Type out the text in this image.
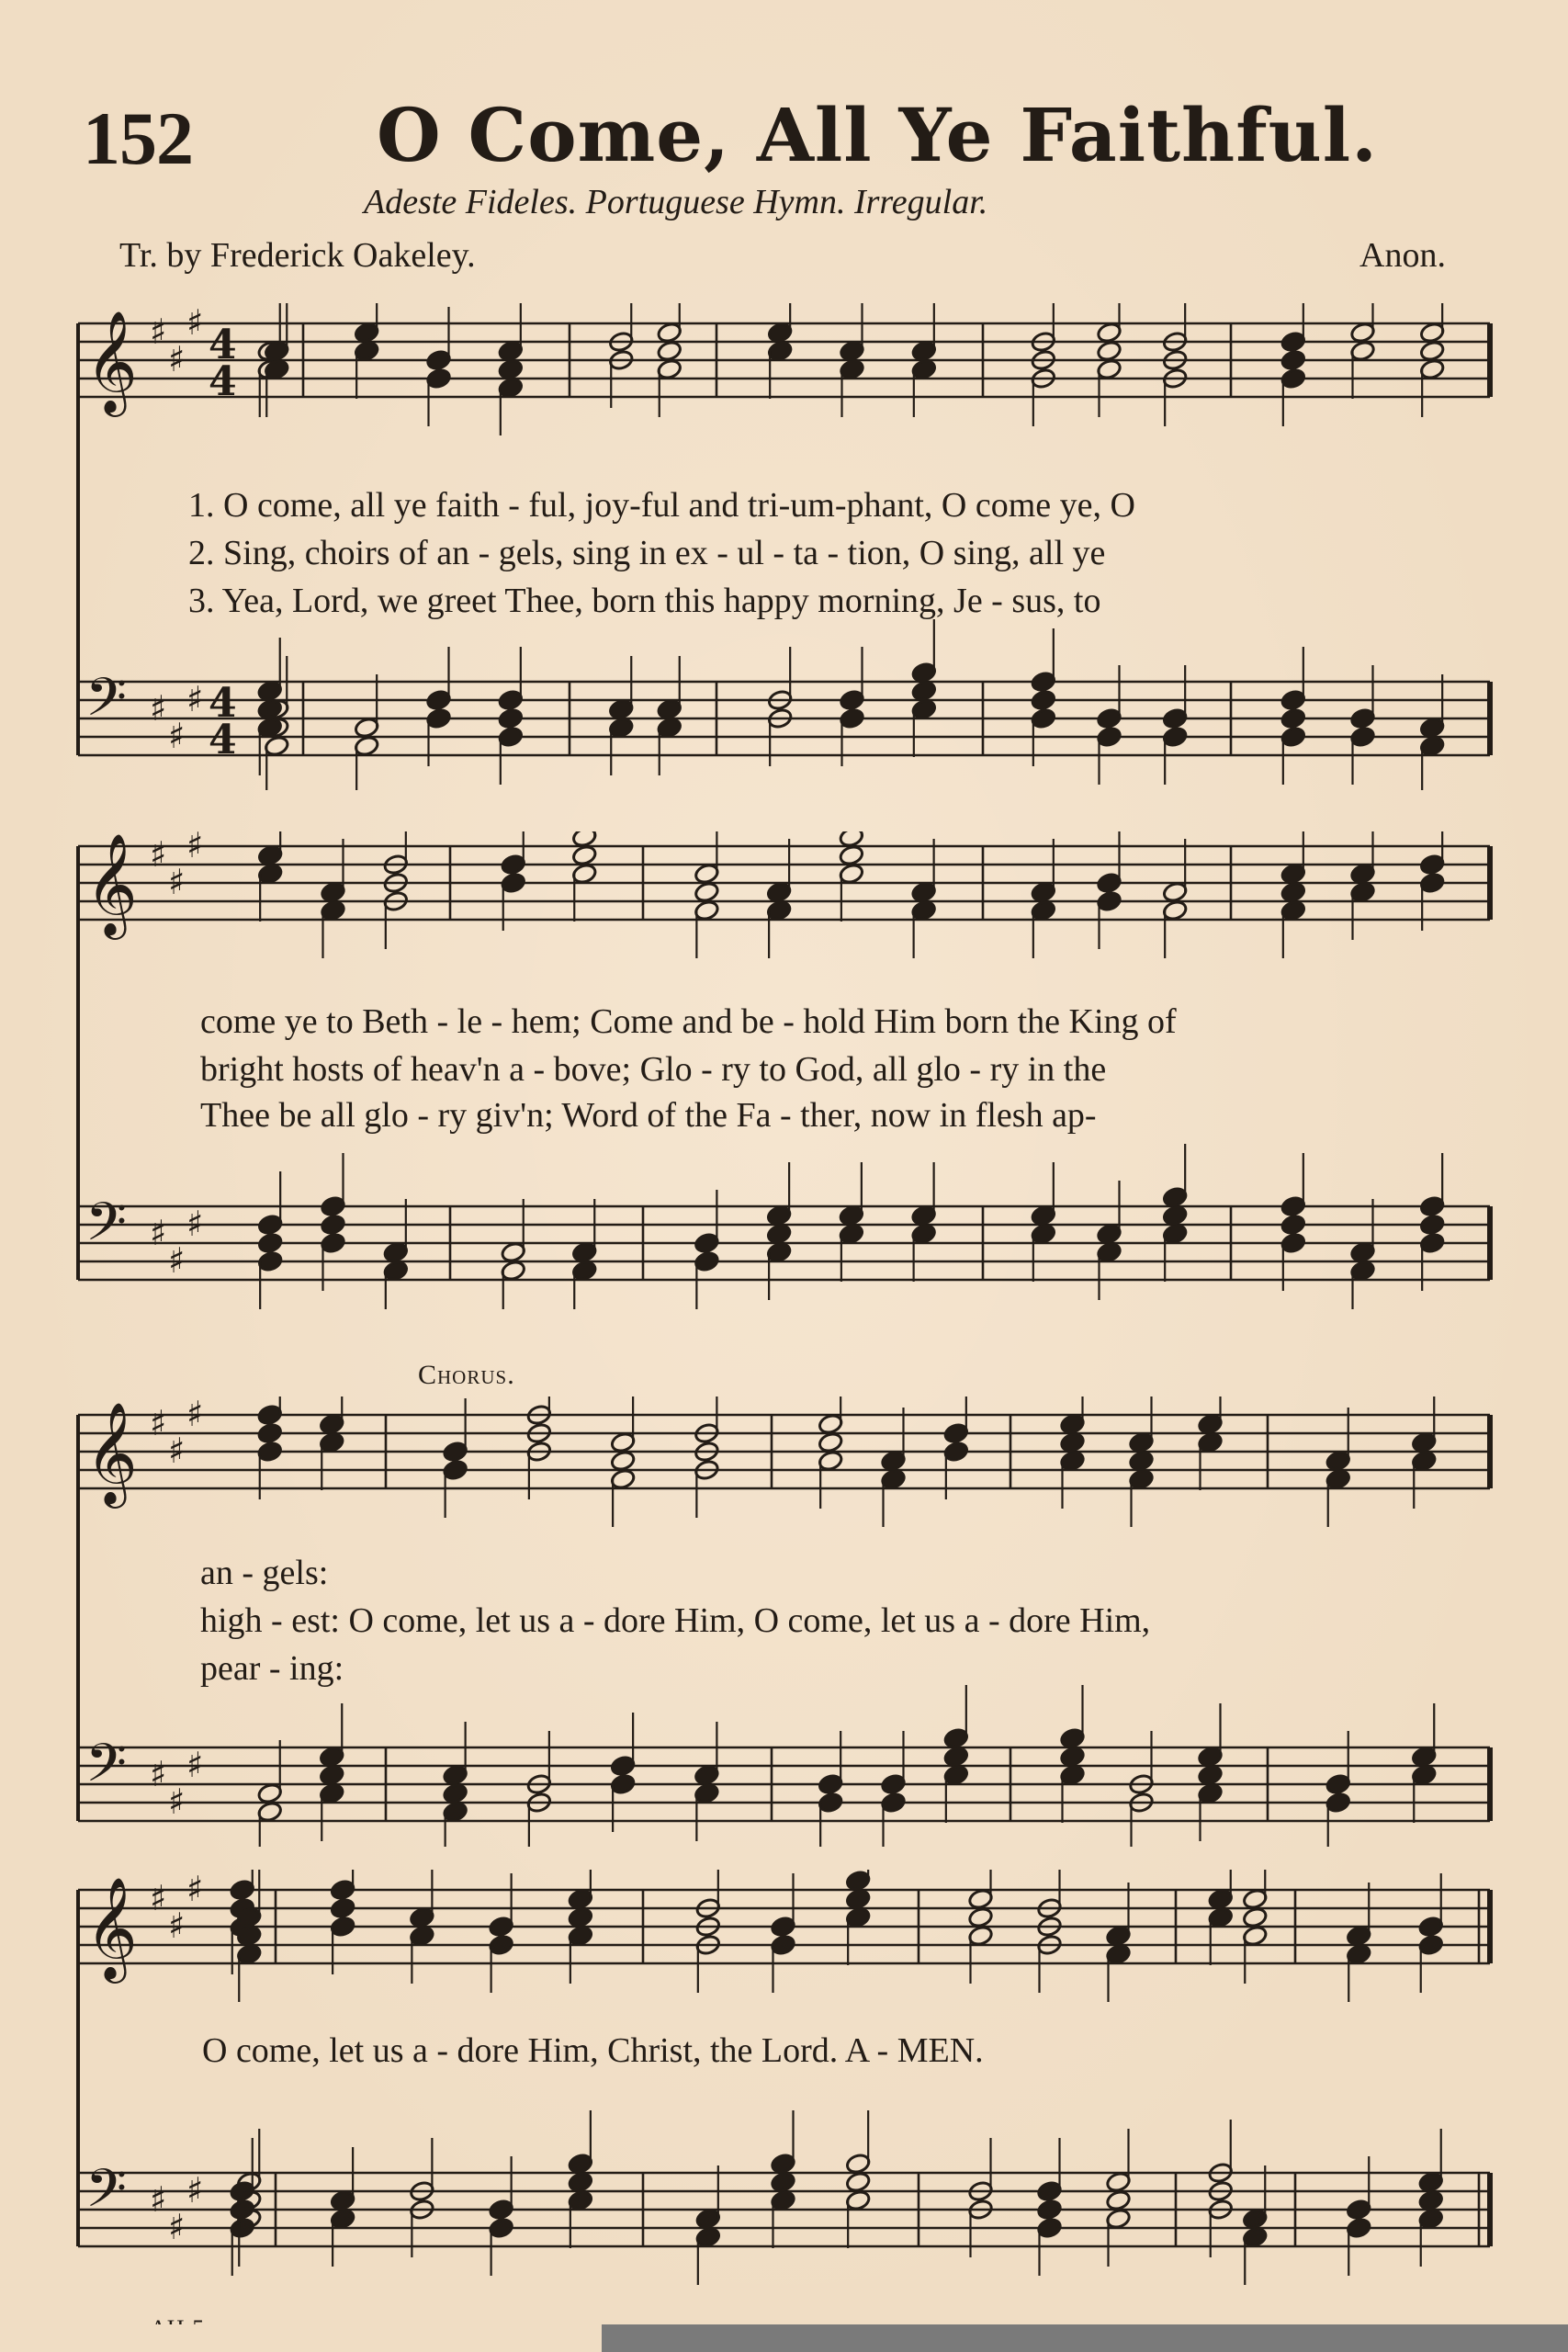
152	O Come, All Ye Faithful.
Adeste Fideles. Portuguese Hymn. Irregular.
Tr. by Frederick Oakeley.	Anon.
𝄞 ♯
♯
♯ 4
4
𝄢 ♯
♯
♯ 4
4
1. O come, all ye faith - ful, joy-ful and tri-um-phant, O come ye, O
2. Sing, choirs of an - gels, sing in ex - ul - ta - tion, O sing, all ye
3. Yea, Lord, we greet Thee, born this happy morning, Je - sus, to
𝄞 ♯
♯
♯
𝄢 ♯
♯
♯
come ye to Beth - le - hem; Come and be - hold Him born the King of
bright hosts of heav'n a - bove; Glo - ry to God, all glo - ry in the
Thee be all glo - ry giv'n; Word of the Fa - ther, now in flesh ap-
Chorus.
𝄞 ♯
♯
♯
𝄢 ♯
♯
♯
an - gels:
high - est: O come, let us a - dore Him, O come, let us a - dore Him,
pear - ing:
𝄞 ♯
♯
♯
𝄢 ♯
♯
♯
O come, let us a - dore Him, Christ, the Lord. A - MEN.
